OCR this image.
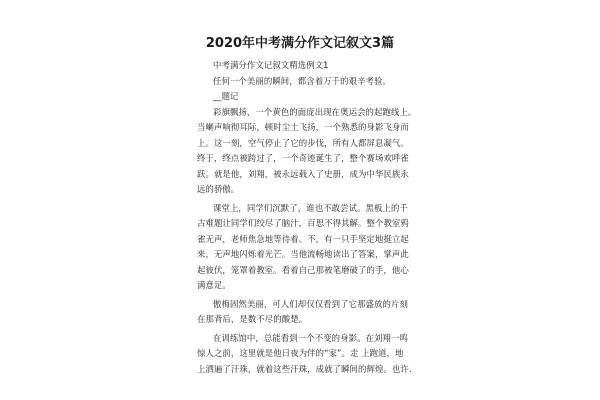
2020年中考满分作文记叙文3篇
中考满分作文记叙文精选例文1
任何一个美丽的瞬间，都含着万千的艰辛考验。
__题记
彩旗飘扬，一个黄色的面庞出现在奥运会的起跑线上。
当喇声响彻耳际，顿时尘土飞扬，一个熟悉的身影飞身而
上。这一刻，空气停止了它的步伐，所有人都屏息凝气。
终于，终点被跨过了，一个奇迹诞生了，整个赛场欢呼雀
跃。就是他，刘翔，被永远载入了史册，成为中华民族永
远的骄傲。
课堂上，同学们沉默了，谁也不敢尝试。黑板上的千
古难题让同学们绞尽了脑汁，百思不得其解。整个教室鸦
雀无声，老师焦急地等待着。不，有一只手坚定地挺立起
来，无声地闪烁着光芒。当他流畅地读出了答案，掌声此
起彼伏，笼罩着教室。看着自己那被笔磨破了的手，他心
满意足。
傲梅固然美丽，可人们却仅仅看到了它那盛放的片刻
在那背后，是数不尽的酸楚。
在训练馆中，总能看到一个不变的身影。在刘翔一鸣
惊人之前，这里就是他日夜为伴的“家”。走 上跑道，地
上洒遍了汗珠，就着这些汗珠，成就了瞬间的辉煌。也许.
